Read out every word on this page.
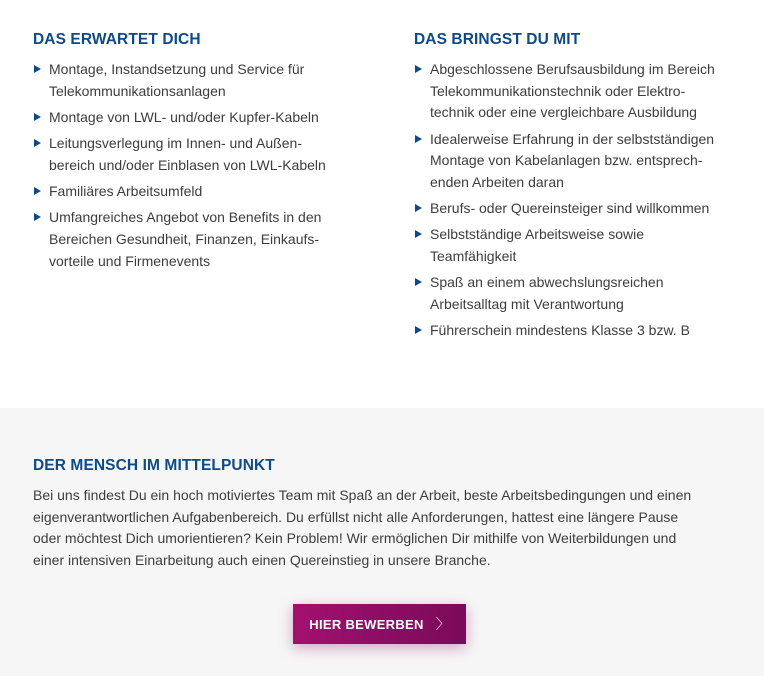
DAS ERWARTET DICH
Montage, Instandsetzung und Service für
Telekommunikationsanlagen
Montage von LWL- und/oder Kupfer-Kabeln
Leitungsverlegung im Innen- und Außen-
bereich und/oder Einblasen von LWL-Kabeln
Familiäres Arbeitsumfeld
Umfangreiches Angebot von Benefits in den
Bereichen Gesundheit, Finanzen, Einkaufs-
vorteile und Firmenevents
DAS BRINGST DU MIT
Abgeschlossene Berufsausbildung im Bereich
Telekommunikationstechnik oder Elektro-
technik oder eine vergleichbare Ausbildung
Idealerweise Erfahrung in der selbstständigen
Montage von Kabelanlagen bzw. entsprech-
enden Arbeiten daran
Berufs- oder Quereinsteiger sind willkommen
Selbstständige Arbeitsweise sowie
Teamfähigkeit
Spaß an einem abwechslungsreichen
Arbeitsalltag mit Verantwortung
Führerschein mindestens Klasse 3 bzw. B
DER MENSCH IM MITTELPUNKT

Bei uns findest Du ein hoch motiviertes Team mit Spaß an der Arbeit, beste Arbeitsbedingungen und einen
eigenverantwortlichen Aufgabenbereich. Du erfüllst nicht alle Anforderungen, hattest eine längere Pause
oder möchtest Dich umorientieren? Kein Problem! Wir ermöglichen Dir mithilfe von Weiterbildungen und
einer intensiven Einarbeitung auch einen Quereinstieg in unsere Branche.

HIER BEWERBEN 〉
